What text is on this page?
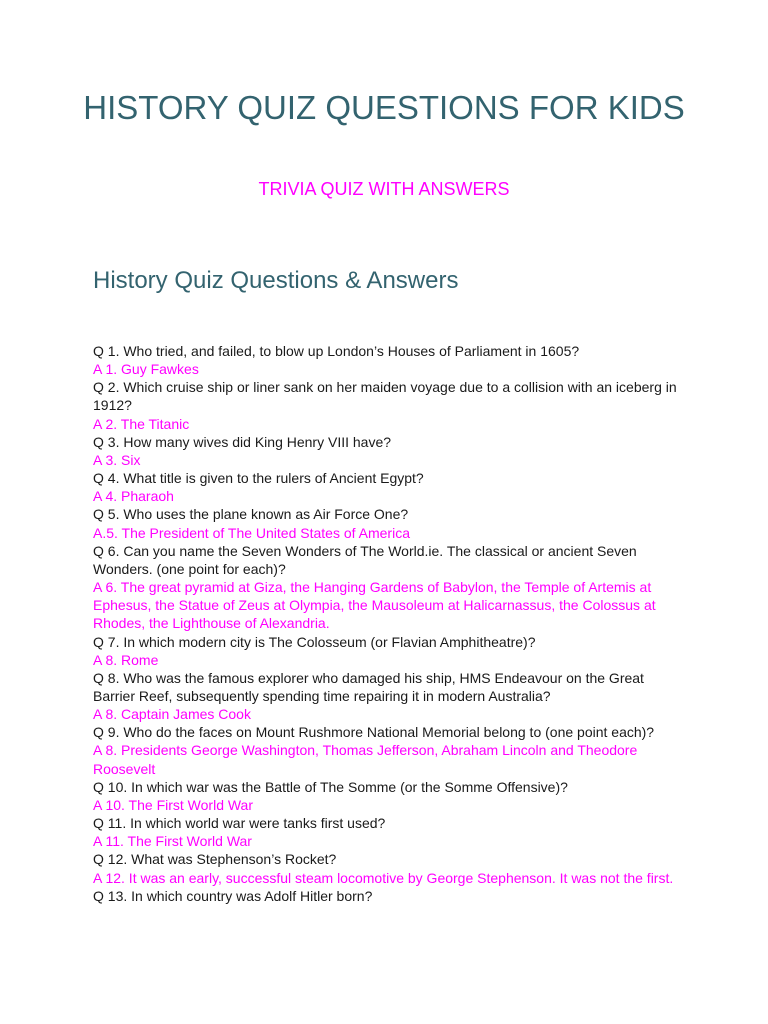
HISTORY QUIZ QUESTIONS FOR KIDS
TRIVIA QUIZ WITH ANSWERS
History Quiz Questions & Answers

Q 1. Who tried, and failed, to blow up London’s Houses of Parliament in 1605?

A 1. Guy Fawkes

Q 2. Which cruise ship or liner sank on her maiden voyage due to a collision with an iceberg in 1912?

A 2. The Titanic

Q 3. How many wives did King Henry VIII have?

A 3. Six

Q 4. What title is given to the rulers of Ancient Egypt?

A 4. Pharaoh

Q 5. Who uses the plane known as Air Force One?

A.5. The President of The United States of America

Q 6. Can you name the Seven Wonders of The World.ie. The classical or ancient Seven Wonders. (one point for each)?

A 6. The great pyramid at Giza, the Hanging Gardens of Babylon, the Temple of Artemis at Ephesus, the Statue of Zeus at Olympia, the Mausoleum at Halicarnassus, the Colossus at Rhodes, the Lighthouse of Alexandria.

Q 7. In which modern city is The Colosseum (or Flavian Amphitheatre)?

A 8. Rome

Q 8. Who was the famous explorer who damaged his ship, HMS Endeavour on the Great Barrier Reef, subsequently spending time repairing it in modern Australia?

A 8. Captain James Cook

Q 9. Who do the faces on Mount Rushmore National Memorial belong to (one point each)?

A 8. Presidents George Washington, Thomas Jefferson, Abraham Lincoln and Theodore Roosevelt

Q 10. In which war was the Battle of The Somme (or the Somme Offensive)?

A 10. The First World War

Q 11. In which world war were tanks first used?

A 11. The First World War

Q 12. What was Stephenson’s Rocket?

A 12. It was an early, successful steam locomotive by George Stephenson. It was not the first.

Q 13. In which country was Adolf Hitler born?
